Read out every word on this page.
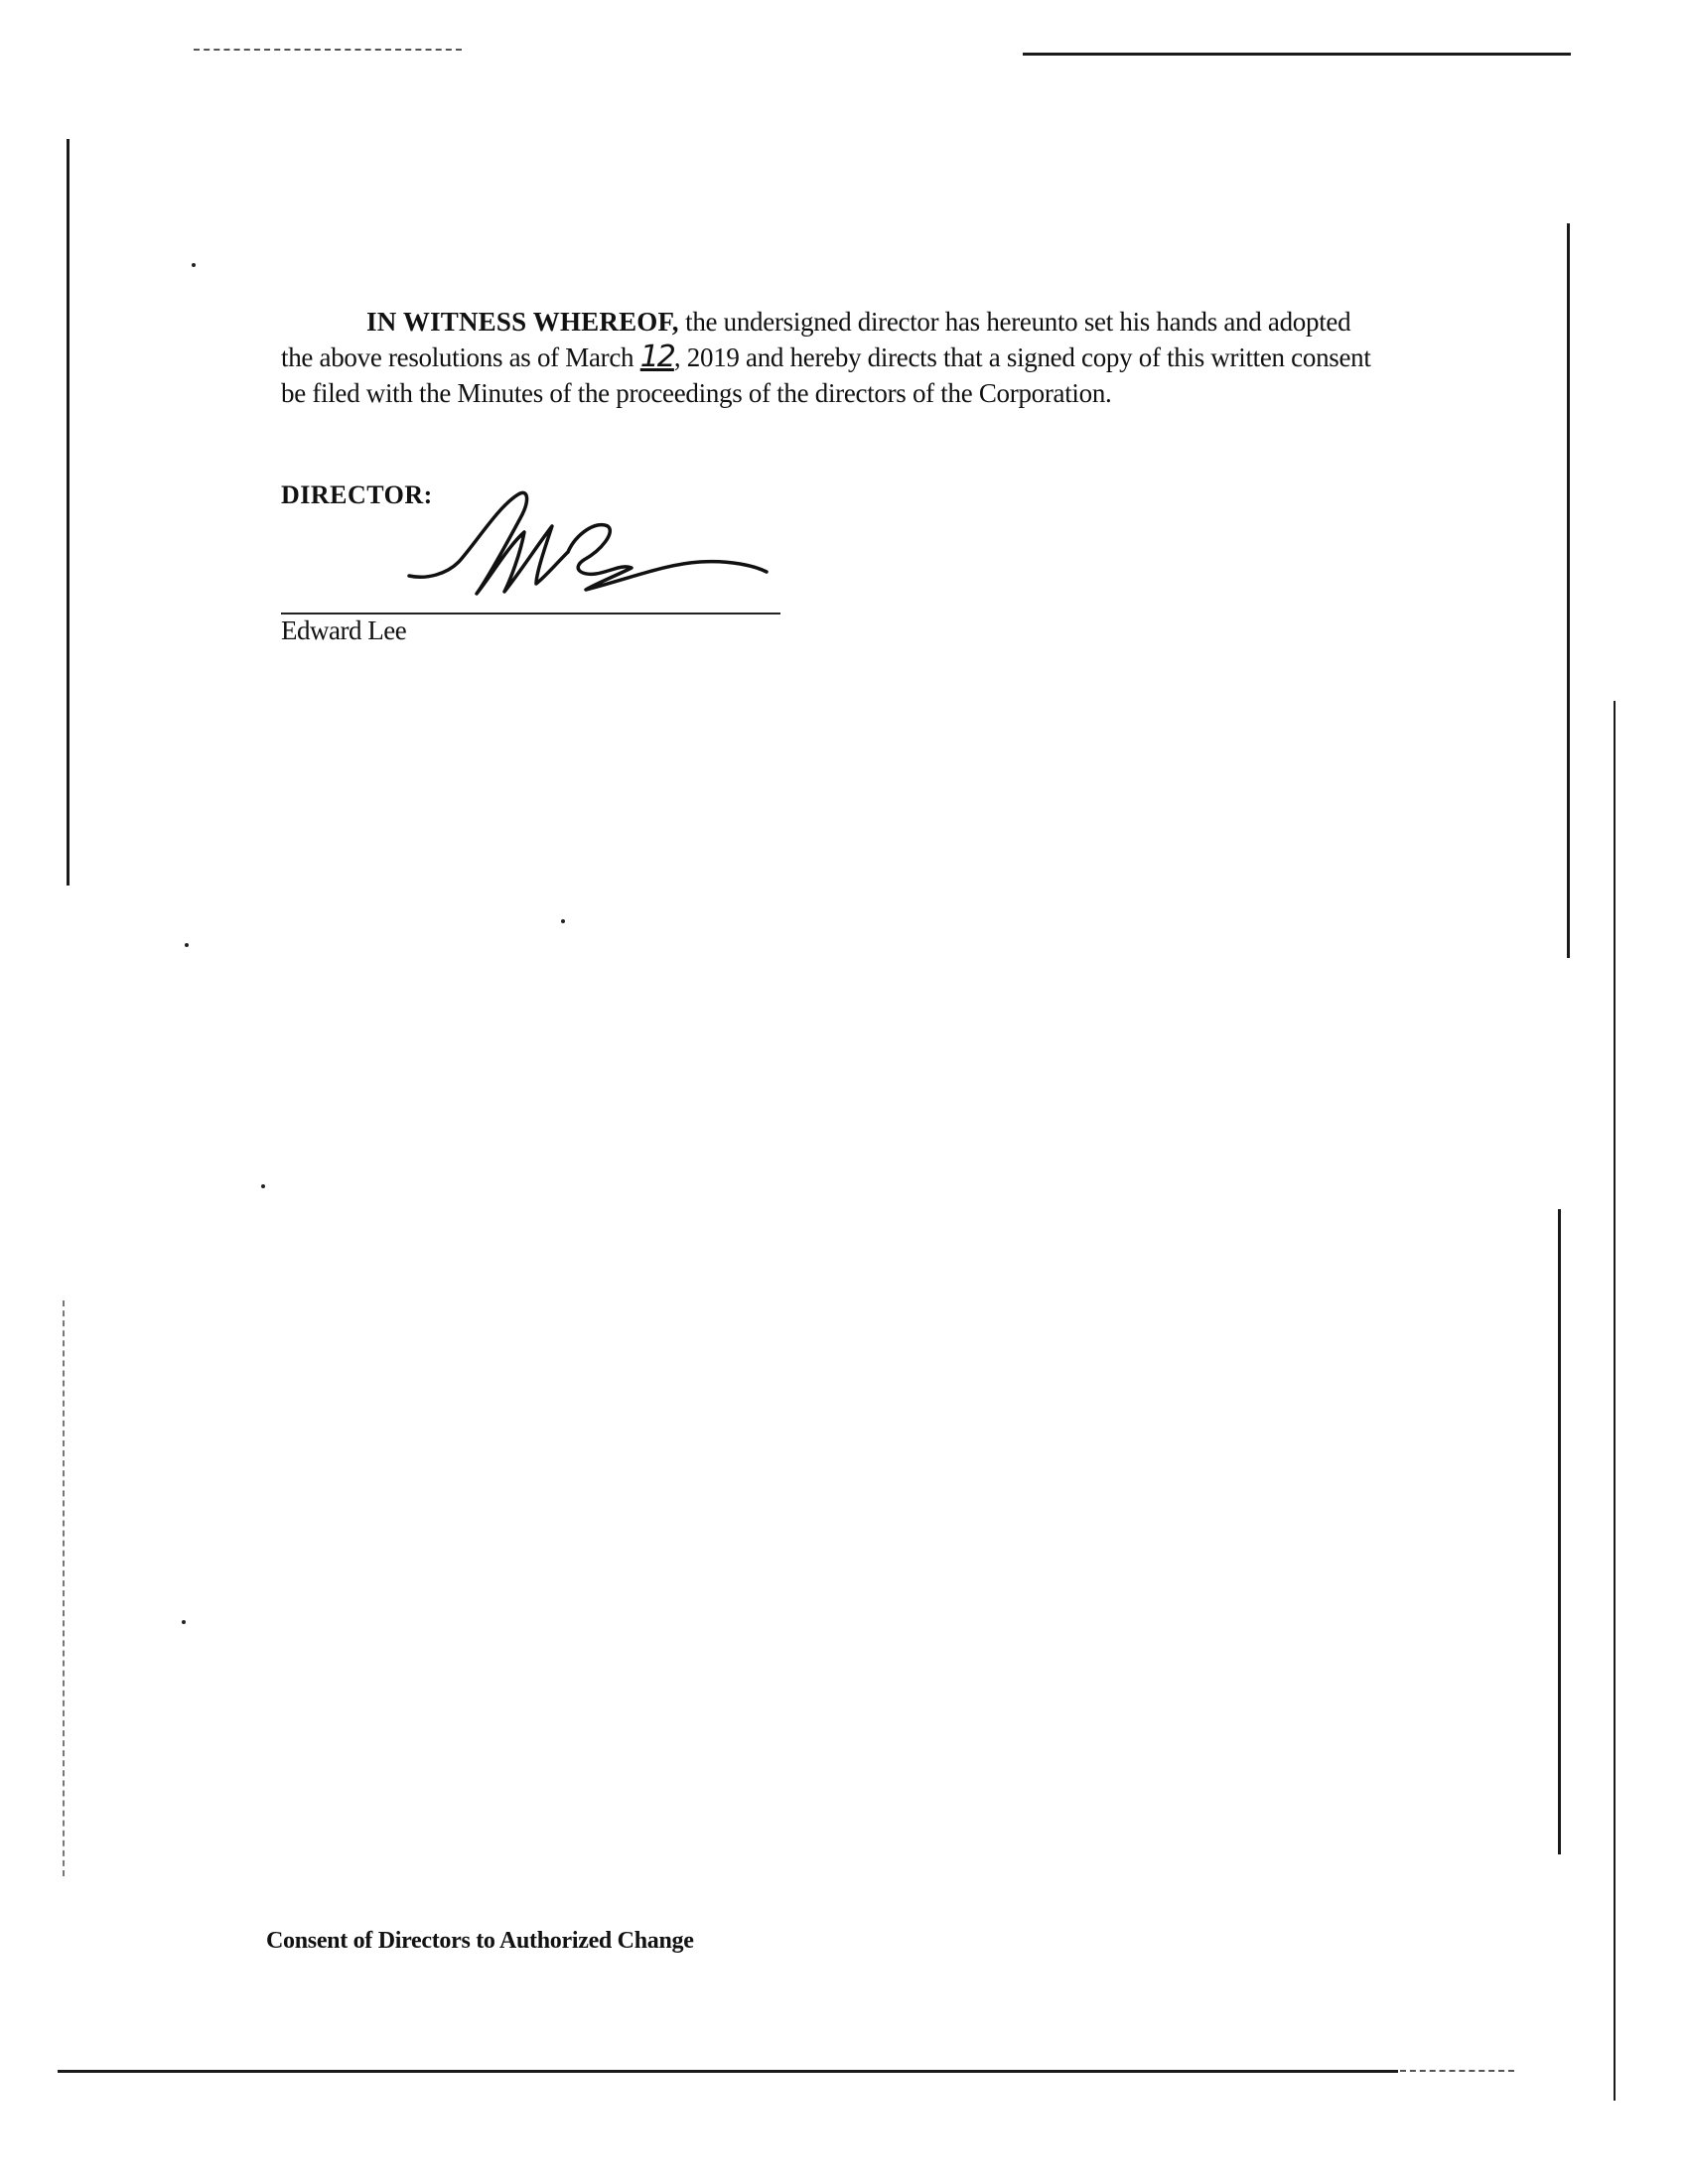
IN WITNESS WHEREOF, the undersigned director has hereunto set his hands and adopted the above resolutions as of March 12, 2019 and hereby directs that a signed copy of this written consent be filed with the Minutes of the proceedings of the directors of the Corporation.
DIRECTOR:
Edward Lee
Consent of Directors to Authorized Change
